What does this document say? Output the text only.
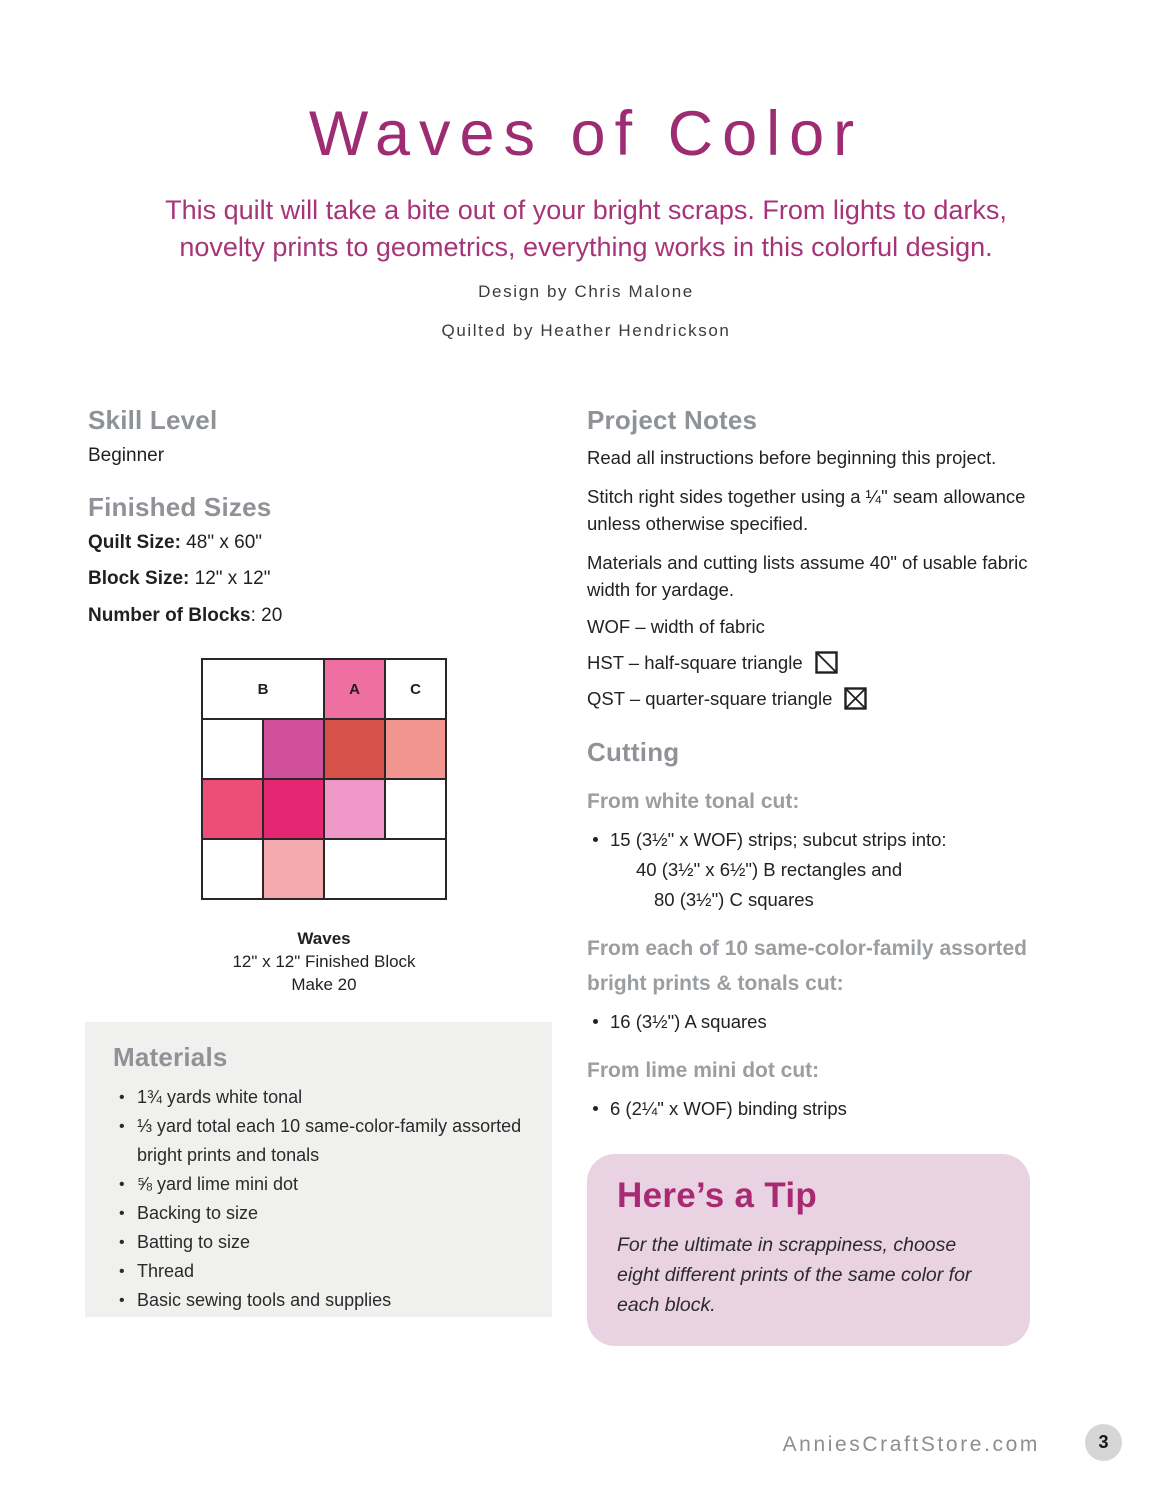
Waves of Color
This quilt will take a bite out of your bright scraps. From lights to darks,
novelty prints to geometrics, everything works in this colorful design.
Design by Chris Malone
Quilted by Heather Hendrickson
Skill Level
Beginner
Finished Sizes
Quilt Size: 48" x 60"
Block Size: 12" x 12"
Number of Blocks: 20
B	A	C
Waves
12" x 12" Finished Block
Make 20
Materials
• 1¾ yards white tonal
• ⅓ yard total each 10 same-color-family assorted bright prints and tonals
• ⅝ yard lime mini dot
• Backing to size
• Batting to size
• Thread
• Basic sewing tools and supplies
Project Notes

Read all instructions before beginning this project.

Stitch right sides together using a ¼" seam allowance unless otherwise specified.

Materials and cutting lists assume 40" of usable fabric width for yardage.

WOF – width of fabric
HST – half-square triangle
QST – quarter-square triangle
Cutting
From white tonal cut:
15 (3½" x WOF) strips; subcut strips into:
40 (3½" x 6½") B rectangles and
80 (3½") C squares
From each of 10 same-color-family assorted bright prints & tonals cut:
16 (3½") A squares
From lime mini dot cut:
6 (2¼" x WOF) binding strips
Here’s a Tip

For the ultimate in scrappiness, choose eight different prints of the same color for each block.

AnniesCraftStore.com	3
